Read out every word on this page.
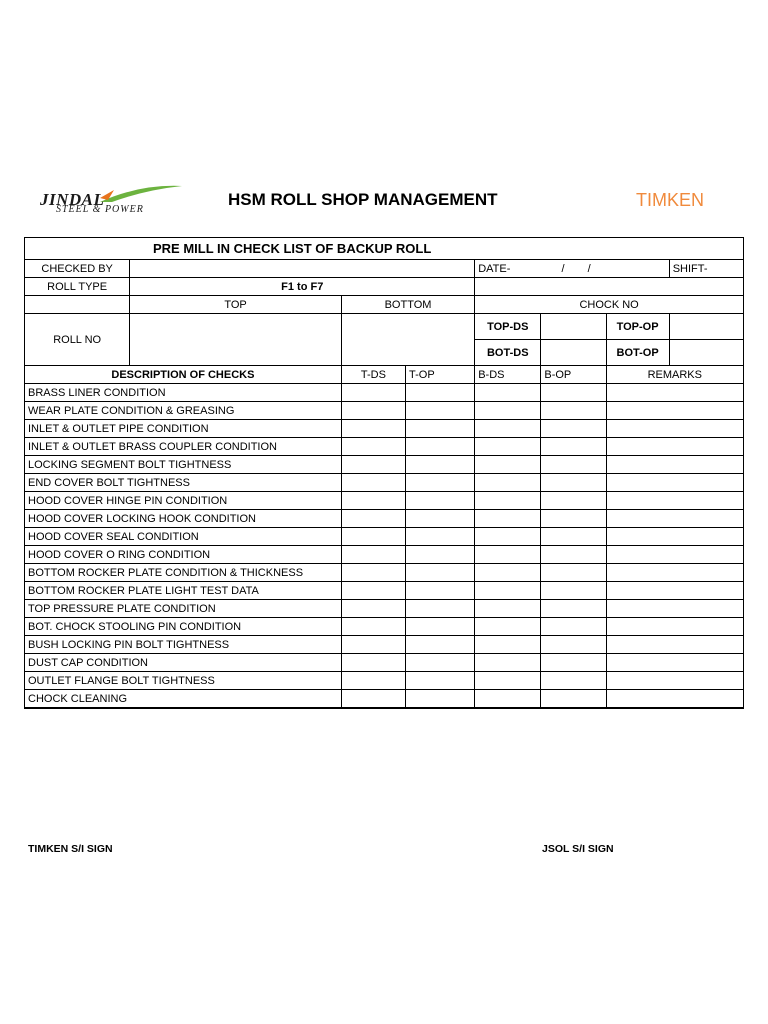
JINDAL
STEEL & POWER
HSM ROLL SHOP MANAGEMENT	TIMKEN
PRE MILL IN CHECK LIST OF BACKUP ROLL							
CHECKED BY				DATE- / /			SHIFT-
ROLL TYPE	F1 to F7						
	TOP	BOTTOM		CHOCK NO			
ROLL NO				TOP-DS		TOP-OP	
				BOT-DS		BOT-OP	
DESCRIPTION OF CHECKS		T-DS	T-OP	B-DS	B-OP	REMARKS	
BRASS LINER CONDITION							
WEAR PLATE CONDITION & GREASING							
INLET & OUTLET PIPE CONDITION							
INLET & OUTLET BRASS COUPLER CONDITION							
LOCKING SEGMENT BOLT TIGHTNESS							
END COVER BOLT TIGHTNESS							
HOOD COVER HINGE PIN CONDITION							
HOOD COVER LOCKING HOOK CONDITION							
HOOD COVER SEAL CONDITION							
HOOD COVER O RING CONDITION							
BOTTOM ROCKER PLATE CONDITION & THICKNESS							
BOTTOM ROCKER PLATE LIGHT TEST DATA							
TOP PRESSURE PLATE CONDITION							
BOT. CHOCK STOOLING PIN CONDITION							
BUSH LOCKING PIN BOLT TIGHTNESS							
DUST CAP CONDITION							
OUTLET FLANGE BOLT TIGHTNESS							
CHOCK CLEANING							
TIMKEN S/I SIGN	JSOL S/I SIGN
